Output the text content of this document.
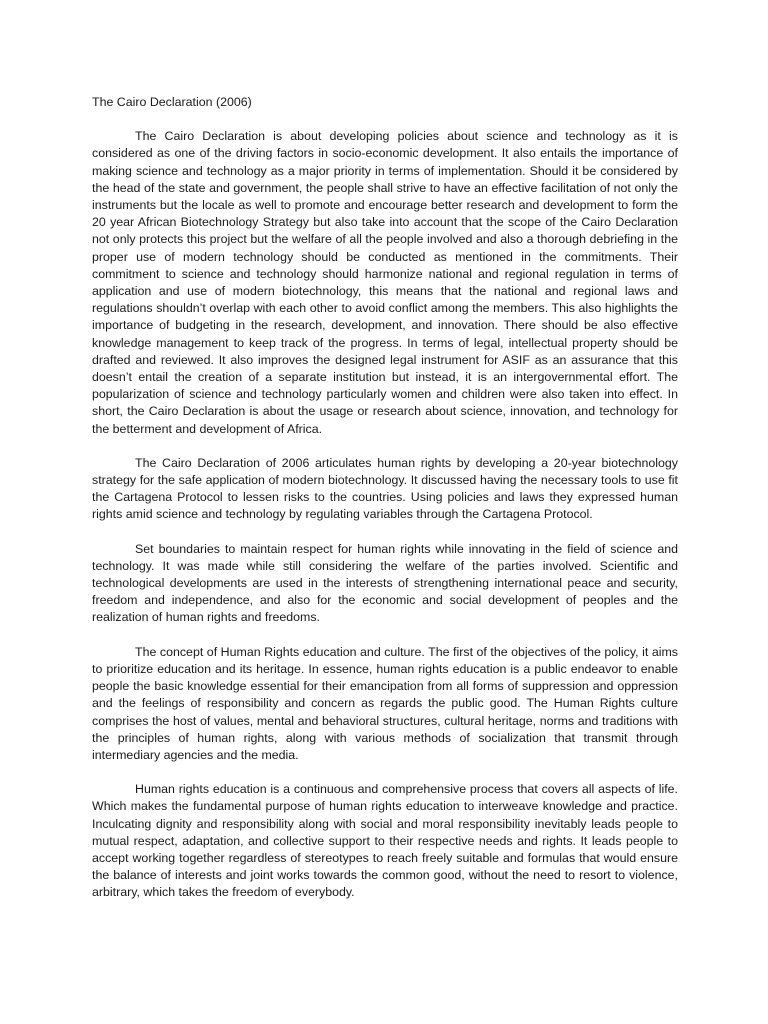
The Cairo Declaration (2006)

The Cairo Declaration is about developing policies about science and technology as it is considered as one of the driving factors in socio-economic development. It also entails the importance of making science and technology as a major priority in terms of implementation. Should it be considered by the head of the state and government, the people shall strive to have an effective facilitation of not only the instruments but the locale as well to promote and encourage better research and development to form the 20 year African Biotechnology Strategy but also take into account that the scope of the Cairo Declaration not only protects this project but the welfare of all the people involved and also a thorough debriefing in the proper use of modern technology should be conducted as mentioned in the commitments. Their commitment to science and technology should harmonize national and regional regulation in terms of application and use of modern biotechnology, this means that the national and regional laws and regulations shouldn’t overlap with each other to avoid conflict among the members. This also highlights the importance of budgeting in the research, development, and innovation. There should be also effective knowledge management to keep track of the progress. In terms of legal, intellectual property should be drafted and reviewed. It also improves the designed legal instrument for ASIF as an assurance that this doesn’t entail the creation of a separate institution but instead, it is an intergovernmental effort. The popularization of science and technology particularly women and children were also taken into effect. In short, the Cairo Declaration is about the usage or research about science, innovation, and technology for the betterment and development of Africa.

The Cairo Declaration of 2006 articulates human rights by developing a 20-year biotechnology strategy for the safe application of modern biotechnology. It discussed having the necessary tools to use fit the Cartagena Protocol to lessen risks to the countries. Using policies and laws they expressed human rights amid science and technology by regulating variables through the Cartagena Protocol.

Set boundaries to maintain respect for human rights while innovating in the field of science and technology. It was made while still considering the welfare of the parties involved. Scientific and technological developments are used in the interests of strengthening international peace and security, freedom and independence, and also for the economic and social development of peoples and the realization of human rights and freedoms.

The concept of Human Rights education and culture. The first of the objectives of the policy, it aims to prioritize education and its heritage. In essence, human rights education is a public endeavor to enable people the basic knowledge essential for their emancipation from all forms of suppression and oppression and the feelings of responsibility and concern as regards the public good. The Human Rights culture comprises the host of values, mental and behavioral structures, cultural heritage, norms and traditions with the principles of human rights, along with various methods of socialization that transmit through intermediary agencies and the media.

Human rights education is a continuous and comprehensive process that covers all aspects of life. Which makes the fundamental purpose of human rights education to interweave knowledge and practice. Inculcating dignity and responsibility along with social and moral responsibility inevitably leads people to mutual respect, adaptation, and collective support to their respective needs and rights. It leads people to accept working together regardless of stereotypes to reach freely suitable and formulas that would ensure the balance of interests and joint works towards the common good, without the need to resort to violence, arbitrary, which takes the freedom of everybody.
